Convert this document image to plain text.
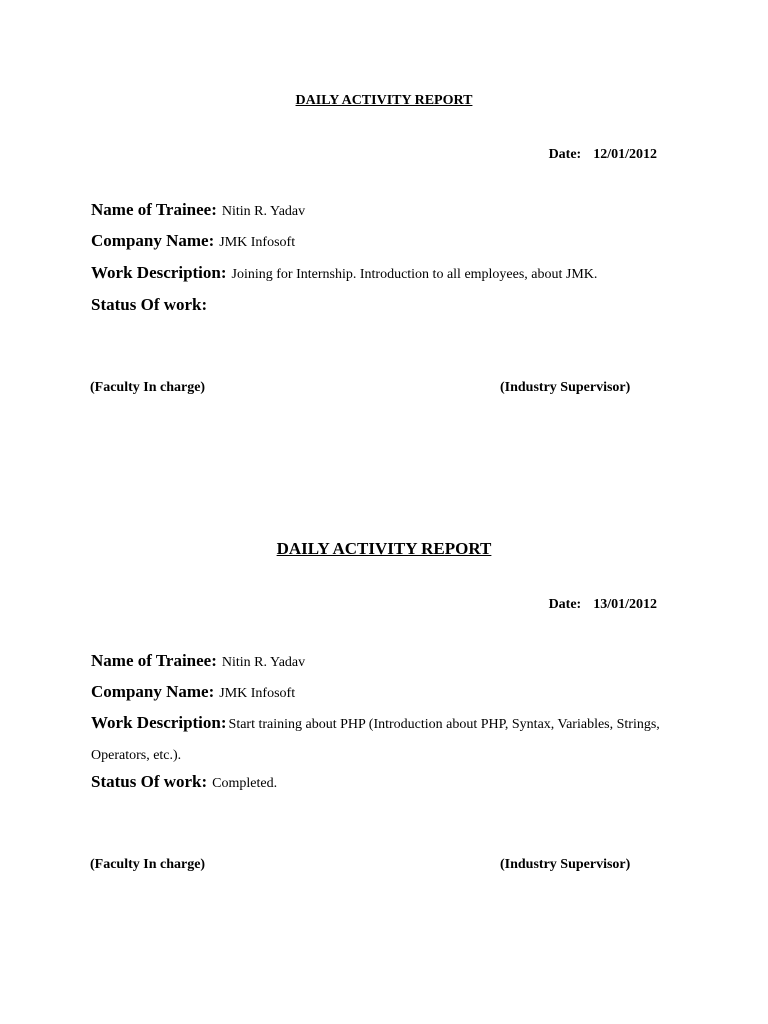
DAILY ACTIVITY REPORT
Date: 12/01/2012
Name of Trainee: Nitin R. Yadav
Company Name: JMK Infosoft
Work Description: Joining for Internship. Introduction to all employees, about JMK.
Status Of work:
(Faculty In charge)	(Industry Supervisor)
DAILY ACTIVITY REPORT
Date: 13/01/2012
Name of Trainee: Nitin R. Yadav
Company Name: JMK Infosoft
Work Description: Start training about PHP (Introduction about PHP, Syntax, Variables, Strings, Operators, etc.).
Status Of work: Completed.
(Faculty In charge)	(Industry Supervisor)
